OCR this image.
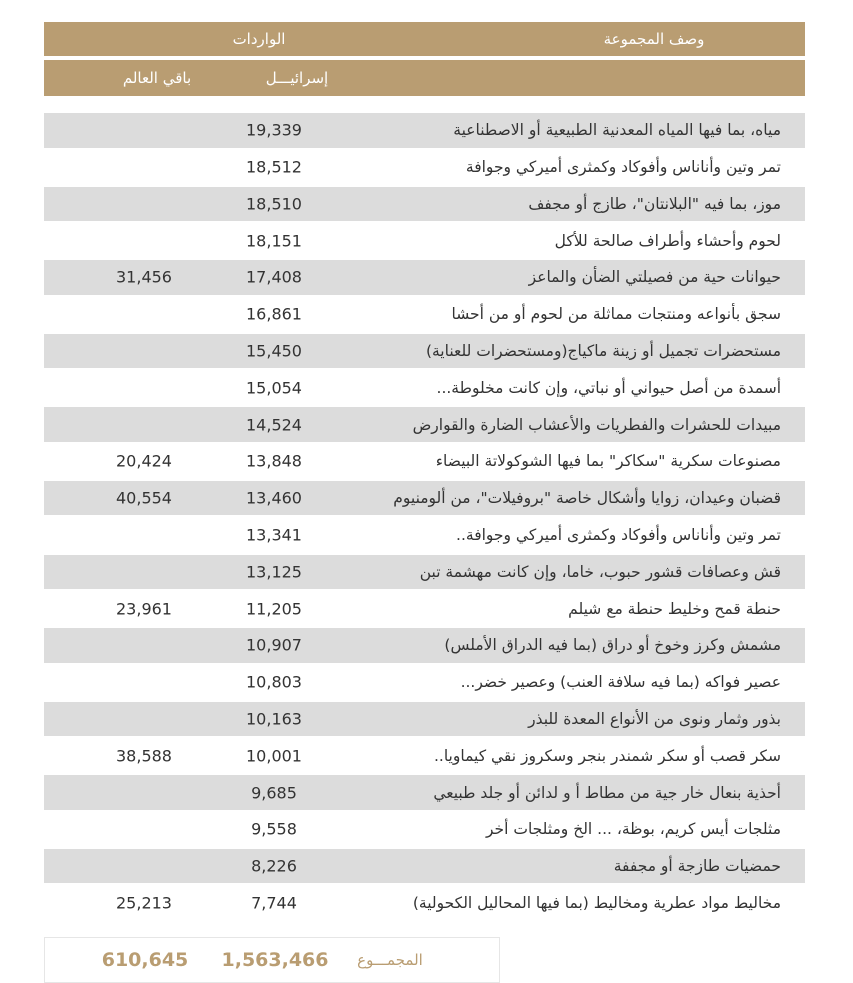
وصف المجموعة
الواردات
إسرائيـــل
باقي العالم
مياه، بما فيها المياه المعدنية الطبيعية أو الاصطناعية
19,339
تمر وتين وأناناس وأفوكاد وكمثرى أميركي وجوافة
18,512
موز، بما فيه "البلانتان"، طازج أو مجفف
18,510
لحوم وأحشاء وأطراف صالحة للأكل
18,151
حيوانات حية من فصيلتي الضأن والماعز
17,408
31,456
سجق بأنواعه ومنتجات مماثلة من لحوم أو من أحشا
16,861
مستحضرات تجميل أو زينة ماكياج(ومستحضرات للعناية)
15,450
أسمدة من أصل حيواني أو نباتي، وإن كانت مخلوطة...
15,054
مبيدات للحشرات والفطريات والأعشاب الضارة والقوارض
14,524
مصنوعات سكرية "سكاكر" بما فيها الشوكولاتة البيضاء
13,848
20,424
قضبان وعيدان، زوايا وأشكال خاصة "بروفيلات"، من ألومنيوم
13,460
40,554
تمر وتين وأناناس وأفوكاد وكمثرى أميركي وجوافة..
13,341
قش وعصافات قشور حبوب، خاما، وإن كانت مهشمة تبن
13,125
حنطة قمح وخليط حنطة مع شيلم
11,205
23,961
مشمش وكرز وخوخ أو دراق (بما فيه الدراق الأملس)
10,907
عصير فواكه (بما فيه سلافة العنب) وعصير خضر...
10,803
بذور وثمار ونوى من الأنواع المعدة للبذر
10,163
سكر قصب أو سكر شمندر بنجر وسكروز نقي كيماويا..
10,001
38,588
أحذية بنعال خار جية من مطاط أ و لدائن أو جلد طبيعي
9,685
مثلجات أيس كريم، بوظة، ... الخ ومثلجات أخر
9,558
حمضيات طازجة أو مجففة
8,226
مخاليط مواد عطرية ومخاليط (بما فيها المحاليل الكحولية)
7,744
25,213
المجمـــوع
1,563,466
610,645
